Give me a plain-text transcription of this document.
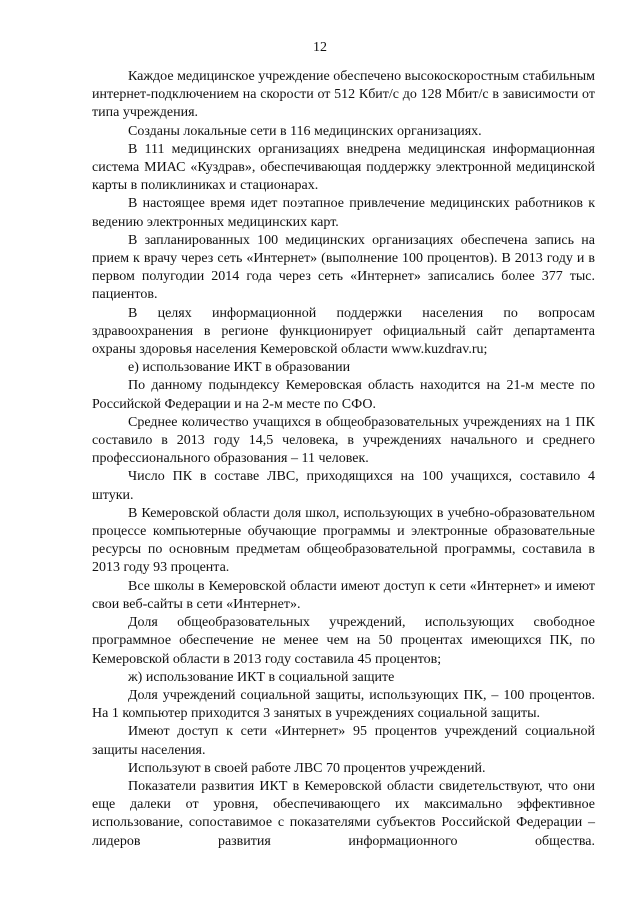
12

Каждое медицинское учреждение обеспечено высокоскоростным стабильным интернет-подключением на скорости от 512 Кбит/с до 128 Мбит/с в зависимости от типа учреждения.

Созданы локальные сети в 116 медицинских организациях.

В 111 медицинских организациях внедрена медицинская информационная система МИАС «Куздрав», обеспечивающая поддержку электронной медицинской карты в поликлиниках и стационарах.

В настоящее время идет поэтапное привлечение медицинских работников к ведению электронных медицинских карт.

В запланированных 100 медицинских организациях обеспечена запись на прием к врачу через сеть «Интернет» (выполнение 100 процентов). В 2013 году и в первом полугодии 2014 года через сеть «Интернет» записались более 377 тыс. пациентов.

В целях информационной поддержки населения по вопросам здравоохранения в регионе функционирует официальный сайт департамента охраны здоровья населения Кемеровской области www.kuzdrav.ru;

е) использование ИКТ в образовании

По данному подындексу Кемеровская область находится на 21-м месте по Российской Федерации и на 2-м месте по СФО.

Среднее количество учащихся в общеобразовательных учреждениях на 1 ПК составило в 2013 году 14,5 человека, в учреждениях начального и среднего профессионального образования – 11 человек.

Число ПК в составе ЛВС, приходящихся на 100 учащихся, составило 4 штуки.

В Кемеровской области доля школ, использующих в учебно-образовательном процессе компьютерные обучающие программы и электронные образовательные ресурсы по основным предметам общеобразовательной программы, составила в 2013 году 93 процента.

Все школы в Кемеровской области имеют доступ к сети «Интернет» и имеют свои веб-сайты в сети «Интернет».

Доля общеобразовательных учреждений, использующих свободное программное обеспечение не менее чем на 50 процентах имеющихся ПК, по Кемеровской области в 2013 году составила 45 процентов;

ж) использование ИКТ в социальной защите

Доля учреждений социальной защиты, использующих ПК, – 100 процентов. На 1 компьютер приходится 3 занятых в учреждениях социальной защиты.

Имеют доступ к сети «Интернет» 95 процентов учреждений социальной защиты населения.

Используют в своей работе ЛВС 70 процентов учреждений.

Показатели развития ИКТ в Кемеровской области свидетельствуют, что они еще далеки от уровня, обеспечивающего их максимально эффективное использование, сопоставимое с показателями субъектов Российской Федерации – лидеров развития информационного общества.
